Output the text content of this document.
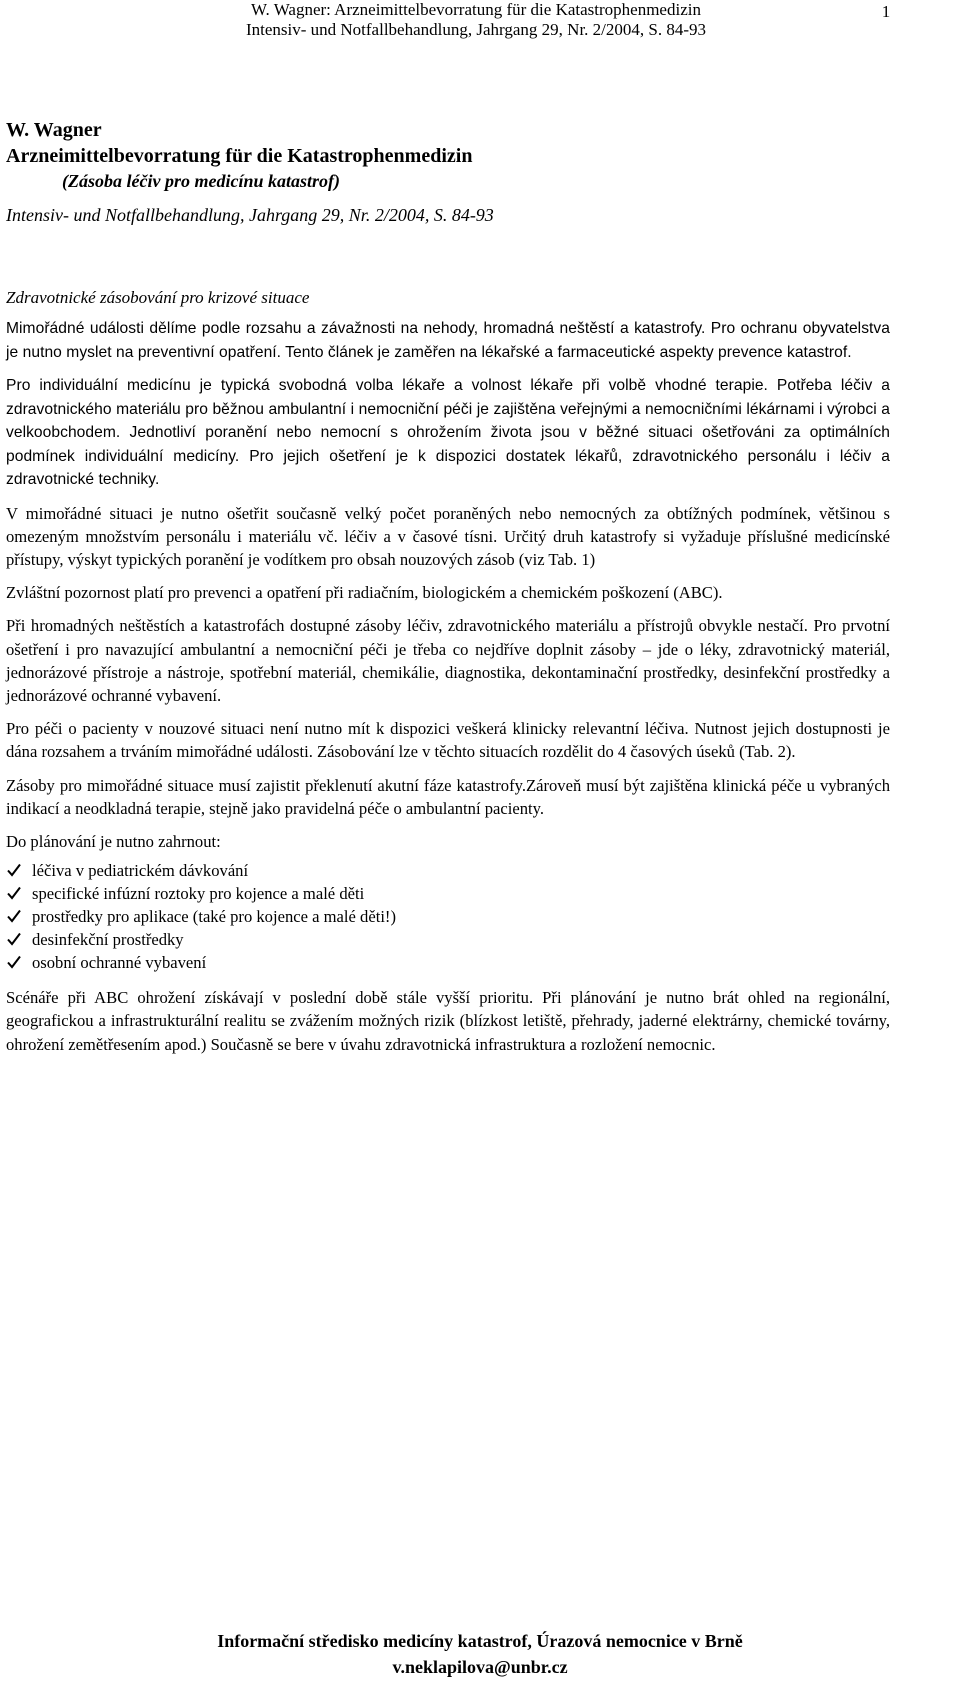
W. Wagner: Arzneimittelbevorratung für die Katastrophenmedizin
Intensiv- und Notfallbehandlung, Jahrgang 29, Nr. 2/2004, S. 84-93
1
W. Wagner
Arzneimittelbevorratung für die Katastrophenmedizin
(Zásoba léčiv pro medicínu katastrof)
Intensiv- und Notfallbehandlung, Jahrgang 29, Nr. 2/2004, S. 84-93
Zdravotnické zásobování pro krizové situace

Mimořádné události dělíme podle rozsahu a závažnosti na nehody, hromadná neštěstí a katastrofy. Pro ochranu obyvatelstva je nutno myslet na preventivní opatření. Tento článek je zaměřen na lékařské a farmaceutické aspekty prevence katastrof.

Pro individuální medicínu je typická svobodná volba lékaře a volnost lékaře při volbě vhodné terapie. Potřeba léčiv a zdravotnického materiálu pro běžnou ambulantní i nemocniční péči je zajištěna veřejnými a nemocničními lékárnami i výrobci a velkoobchodem. Jednotliví poranění nebo nemocní s ohrožením života jsou v běžné situaci ošetřováni za optimálních podmínek individuální medicíny. Pro jejich ošetření je k dispozici dostatek lékařů, zdravotnického personálu i léčiv a zdravotnické techniky.

V mimořádné situaci je nutno ošetřit současně velký počet poraněných nebo nemocných za obtížných podmínek, většinou s omezeným množstvím personálu i materiálu vč. léčiv a v časové tísni. Určitý druh katastrofy si vyžaduje příslušné medicínské přístupy, výskyt typických poranění je vodítkem pro obsah nouzových zásob (viz Tab. 1)

Zvláštní pozornost platí pro prevenci a opatření při radiačním, biologickém a chemickém poškození (ABC).

Při hromadných neštěstích a katastrofách dostupné zásoby léčiv, zdravotnického materiálu a přístrojů obvykle nestačí. Pro prvotní ošetření i pro navazující ambulantní a nemocniční péči je třeba co nejdříve doplnit zásoby – jde o léky, zdravotnický materiál, jednorázové přístroje a nástroje, spotřební materiál, chemikálie, diagnostika, dekontaminační prostředky, desinfekční prostředky a jednorázové ochranné vybavení.

Pro péči o pacienty v nouzové situaci není nutno mít k dispozici veškerá klinicky relevantní léčiva. Nutnost jejich dostupnosti je dána rozsahem a trváním mimořádné události. Zásobování lze v těchto situacích rozdělit do 4 časových úseků (Tab. 2).

Zásoby pro mimořádné situace musí zajistit překlenutí akutní fáze katastrofy.Zároveň musí být zajištěna klinická péče u vybraných indikací a neodkladná terapie, stejně jako pravidelná péče o ambulantní pacienty.

Do plánování je nutno zahrnout:

léčiva v pediatrickém dávkování
specifické infúzní roztoky pro kojence a malé děti
prostředky pro aplikace (také pro kojence a malé děti!)
desinfekční prostředky
osobní ochranné vybavení

Scénáře při ABC ohrožení získávají v poslední době stále vyšší prioritu. Při plánování je nutno brát ohled na regionální, geografickou a infrastrukturální realitu se zvážením možných rizik (blízkost letiště, přehrady, jaderné elektrárny, chemické továrny, ohrožení zemětřesením apod.) Současně se bere v úvahu zdravotnická infrastruktura a rozložení nemocnic.

Informační středisko medicíny katastrof, Úrazová nemocnice v Brně
v.neklapilova@unbr.cz
